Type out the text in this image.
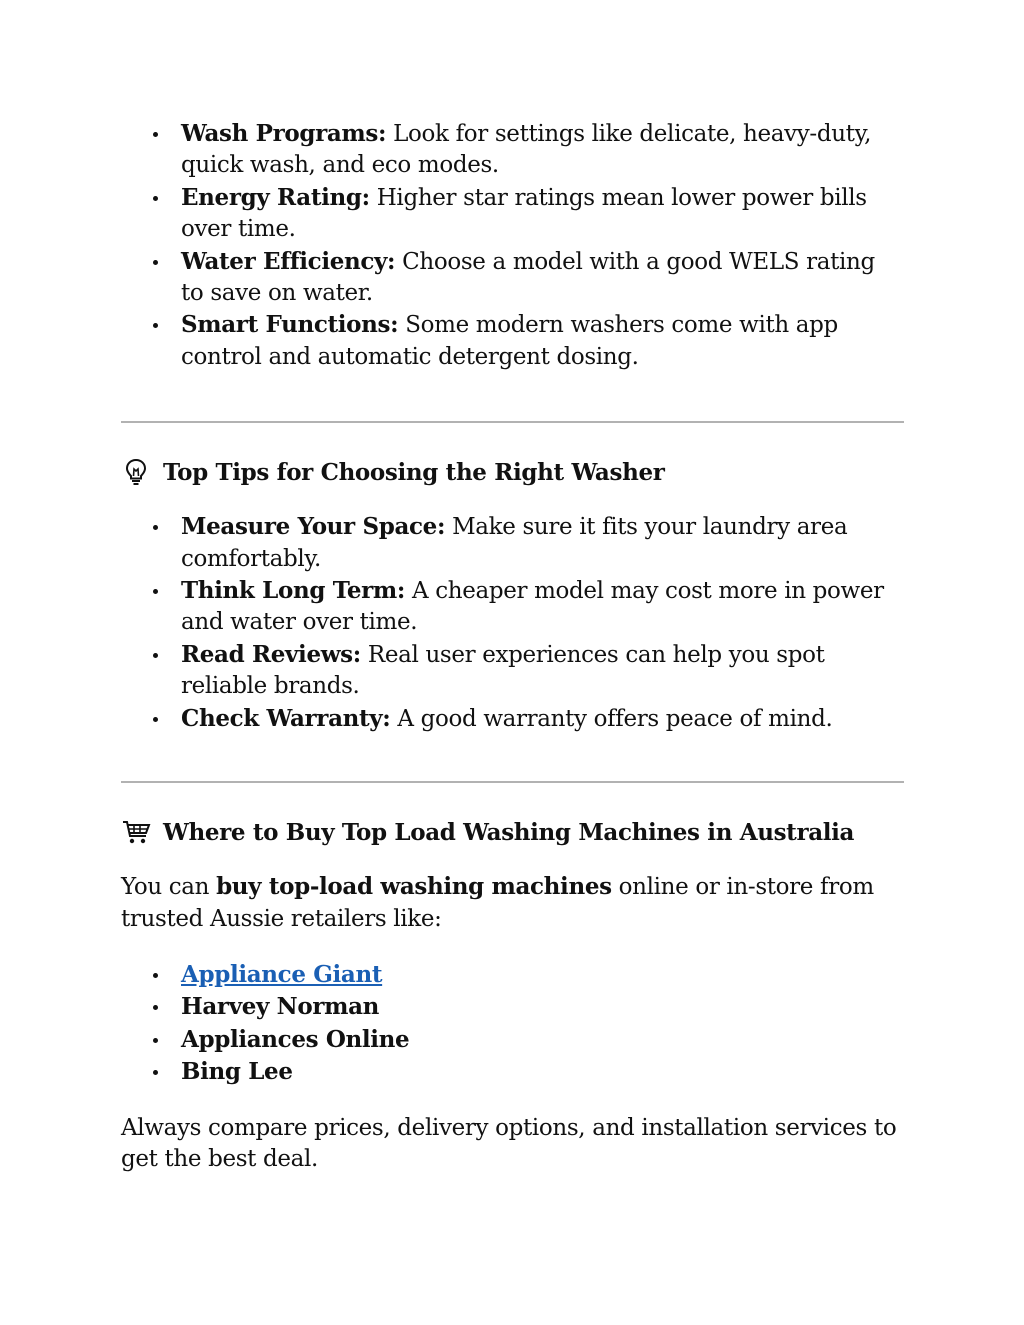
Wash Programs: Look for settings like delicate, heavy-duty, quick wash, and eco modes.
Energy Rating: Higher star ratings mean lower power bills over time.
Water Efficiency: Choose a model with a good WELS rating to save on water.
Smart Functions: Some modern washers come with app control and automatic detergent dosing.
Top Tips for Choosing the Right Washer
Measure Your Space: Make sure it fits your laundry area comfortably.
Think Long Term: A cheaper model may cost more in power and water over time.
Read Reviews: Real user experiences can help you spot reliable brands.
Check Warranty: A good warranty offers peace of mind.
Where to Buy Top Load Washing Machines in Australia

You can buy top-load washing machines online or in-store from trusted Aussie retailers like:

Appliance Giant
Harvey Norman
Appliances Online
Bing Lee

Always compare prices, delivery options, and installation services to get the best deal.
